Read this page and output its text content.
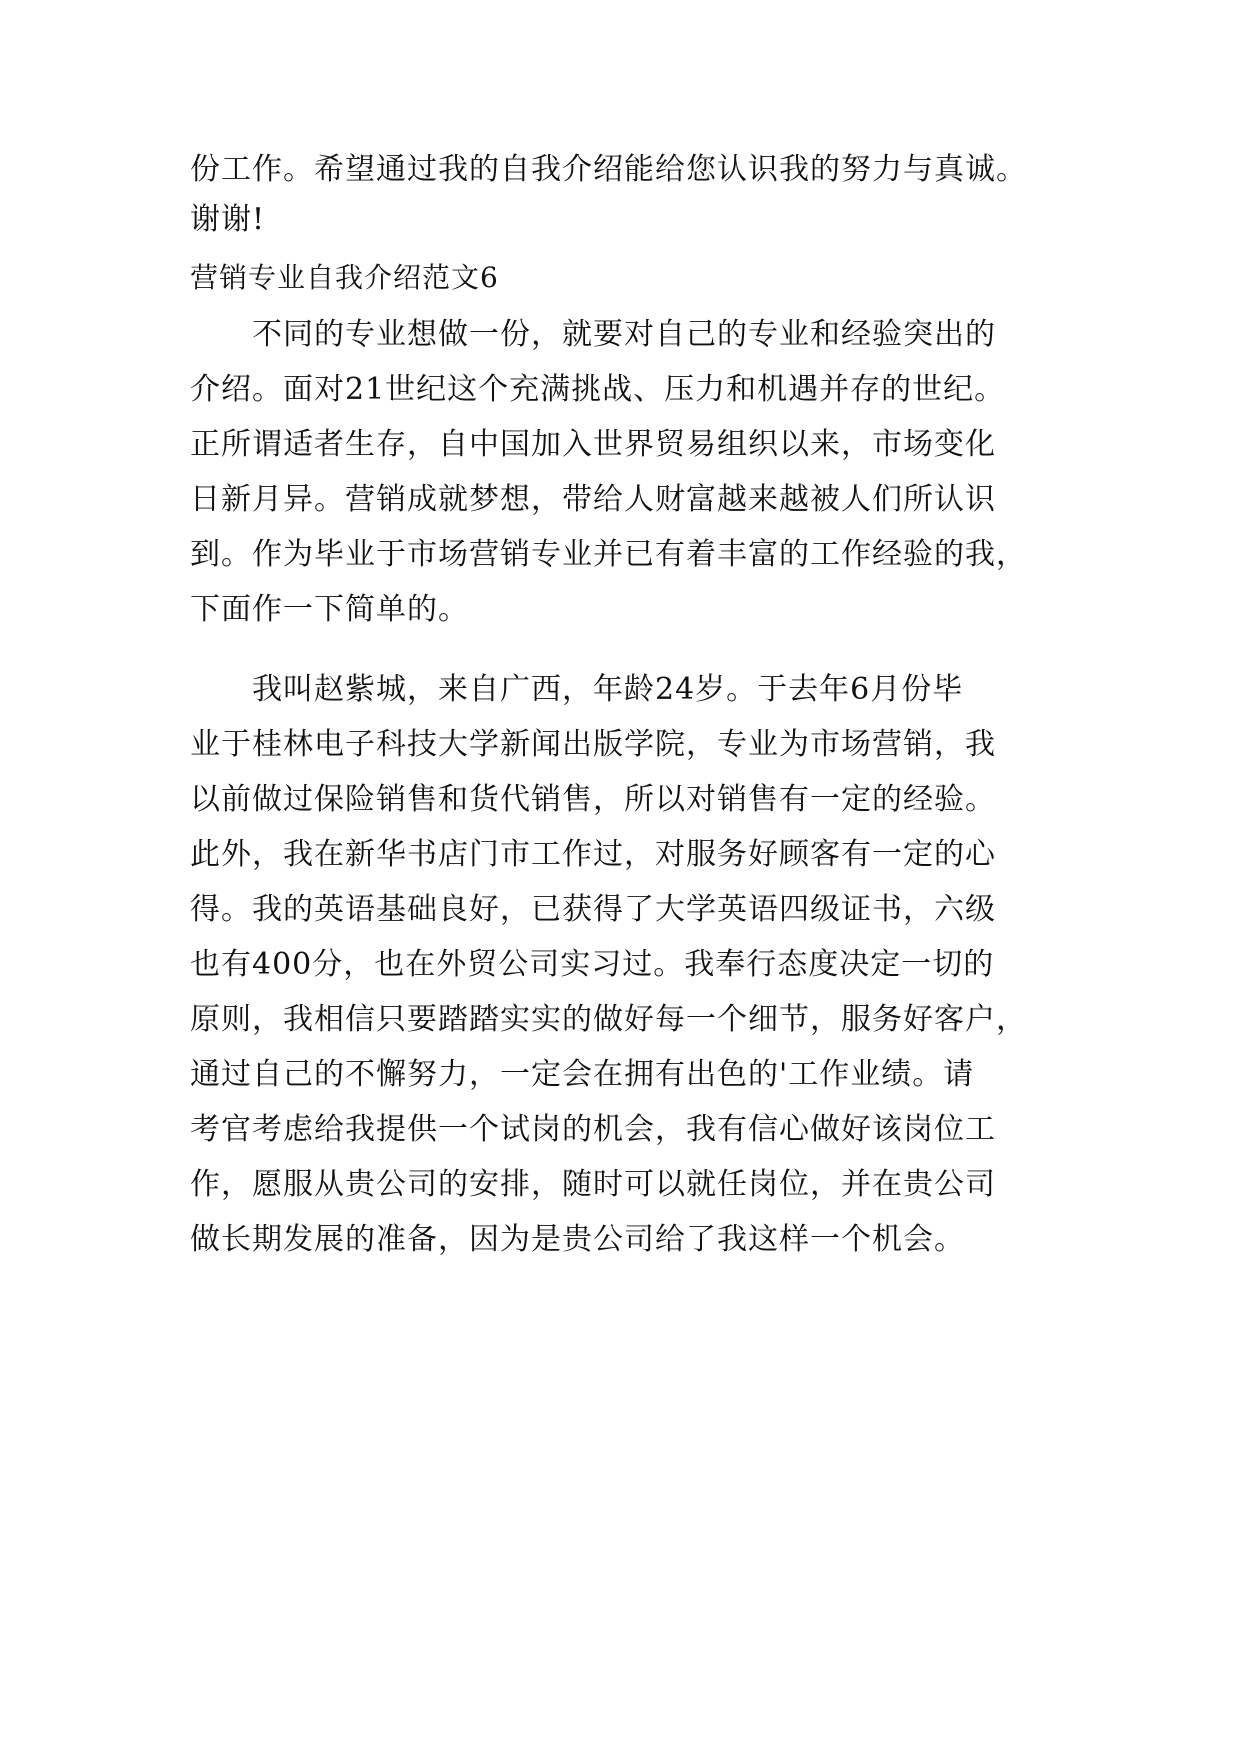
份工作。希望通过我的自我介绍能给您认识我的努力与真诚。
谢谢!
营销专业自我介绍范文6
不同的专业想做一份，就要对自己的专业和经验突出的
介绍。面对21世纪这个充满挑战、压力和机遇并存的世纪。
正所谓适者生存，自中国加入世界贸易组织以来，市场变化
日新月异。营销成就梦想，带给人财富越来越被人们所认识
到。作为毕业于市场营销专业并已有着丰富的工作经验的我，
下面作一下简单的。
我叫赵紫城，来自广西，年龄24岁。于去年6月份毕
业于桂林电子科技大学新闻出版学院，专业为市场营销，我
以前做过保险销售和货代销售，所以对销售有一定的经验。
此外，我在新华书店门市工作过，对服务好顾客有一定的心
得。我的英语基础良好，已获得了大学英语四级证书，六级
也有400分，也在外贸公司实习过。我奉行态度决定一切的
原则，我相信只要踏踏实实的做好每一个细节，服务好客户，
通过自己的不懈努力，一定会在拥有出色的'工作业绩。请
考官考虑给我提供一个试岗的机会，我有信心做好该岗位工
作，愿服从贵公司的安排，随时可以就任岗位，并在贵公司
做长期发展的准备，因为是贵公司给了我这样一个机会。
